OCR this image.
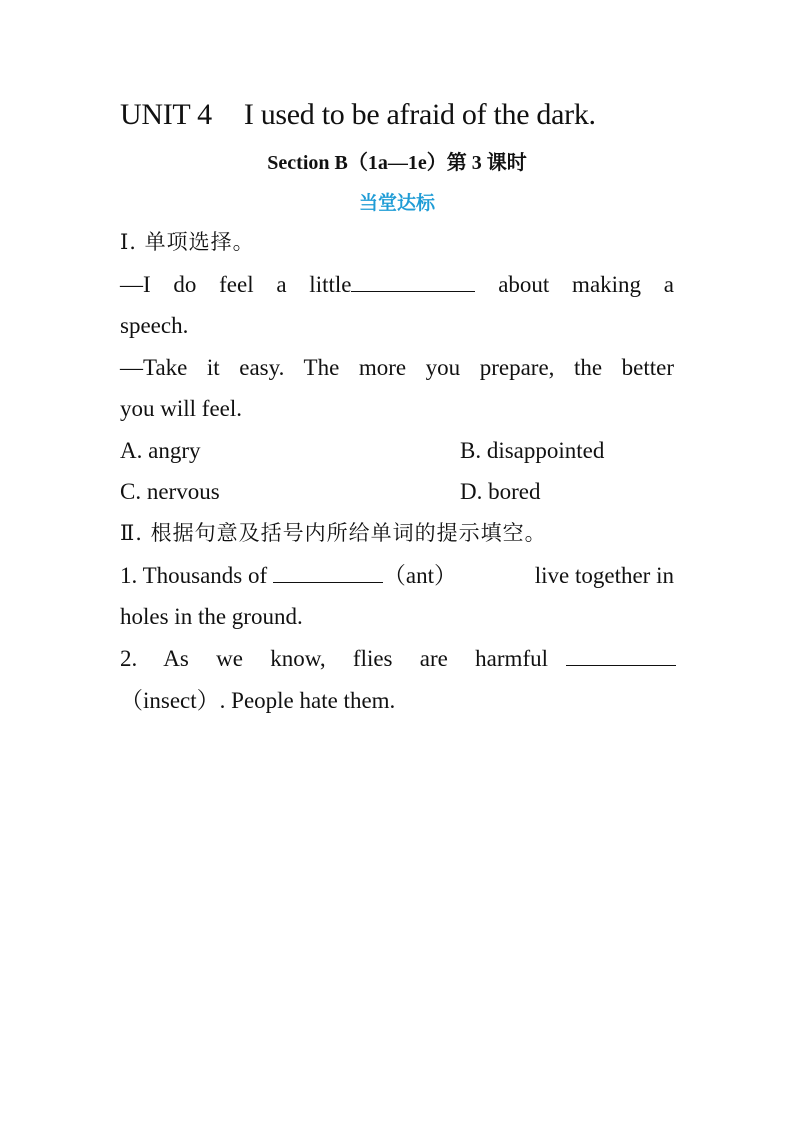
UNIT 4 I used to be afraid of the dark.
Section B（1a—1e）第 3 课时
当堂达标
Ⅰ. 单项选择。
—I do feel a little	about making a
speech.
—Take it easy. The more you prepare, the better
you will feel.
A. angry	B. disappointed
C. nervous	D. bored
Ⅱ. 根据句意及括号内所给单词的提示填空。
1. Thousands of	（ant）	live together in
holes in the ground.
2. As we know, flies are harmful
（insect）. People hate them.
